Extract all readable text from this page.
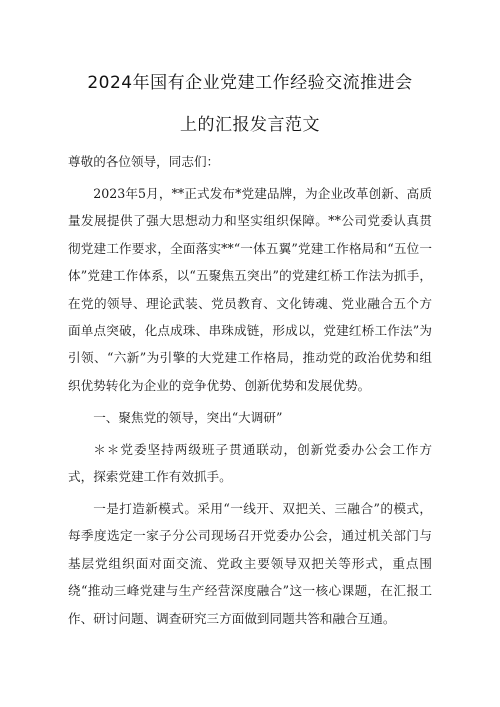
2024年国有企业党建工作经验交流推进会
上的汇报发言范文

尊敬的各位领导，同志们：

2023年5月，**正式发布*党建品牌，为企业改革创新、高质量发展提供了强大思想动力和坚实组织保障。**公司党委认真贯彻党建工作要求，全面落实**“一体五翼”党建工作格局和“五位一体”党建工作体系，以“五聚焦五突出”的党建红桥工作法为抓手，在党的领导、理论武装、党员教育、文化铸魂、党业融合五个方面单点突破，化点成珠、串珠成链，形成以，党建红桥工作法”为引领、“六新”为引擎的大党建工作格局，推动党的政治优势和组织优势转化为企业的竞争优势、创新优势和发展优势。

一、聚焦党的领导，突出“大调研”

＊＊党委坚持两级班子贯通联动，创新党委办公会工作方式，探索党建工作有效抓手。

一是打造新模式。采用“一线开、双把关、三融合”的模式，每季度选定一家子分公司现场召开党委办公会，通过机关部门与基层党组织面对面交流、党政主要领导双把关等形式，重点围绕“推动三峰党建与生产经营深度融合”这一核心课题，在汇报工作、研讨问题、调查研究三方面做到同题共答和融合互通。
